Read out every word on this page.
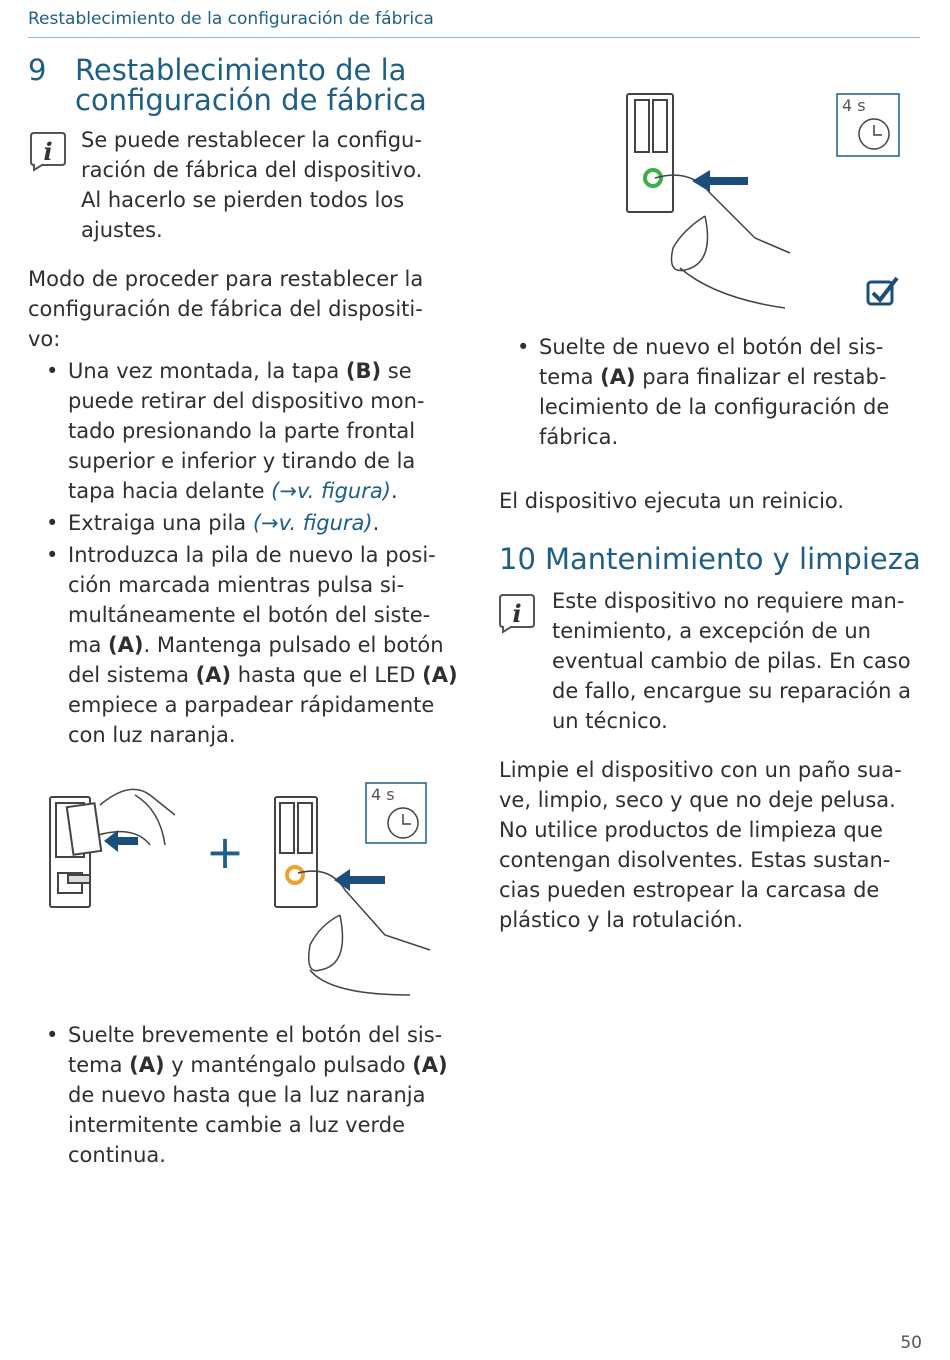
Restablecimiento de la configuración de fábrica
9 Restablecimiento de la
configuración de fábrica
i Se puede restablecer la configu-
ración de fábrica del dispositivo.
Al hacerlo se pierden todos los
ajustes.
Modo de proceder para restablecer la
configuración de fábrica del dispositi-
vo:
• Una vez montada, la tapa (B) se
puede retirar del dispositivo mon-
tado presionando la parte frontal
superior e inferior y tirando de la
tapa hacia delante (→v. figura).
• Extraiga una pila (→v. figura).
• Introduzca la pila de nuevo la posi-
ción marcada mientras pulsa si-
multáneamente el botón del siste-
ma (A). Mantenga pulsado el botón
del sistema (A) hasta que el LED (A)
empiece a parpadear rápidamente
con luz naranja.
+
4 s
• Suelte brevemente el botón del sis-
tema (A) y manténgalo pulsado (A)
de nuevo hasta que la luz naranja
intermitente cambie a luz verde
continua.
4 s
• Suelte de nuevo el botón del sis-
tema (A) para finalizar el restab-
lecimiento de la configuración de
fábrica.
El dispositivo ejecuta un reinicio.
10 Mantenimiento y limpieza
i Este dispositivo no requiere man-
tenimiento, a excepción de un
eventual cambio de pilas. En caso
de fallo, encargue su reparación a
un técnico.
Limpie el dispositivo con un paño sua-
ve, limpio, seco y que no deje pelusa.
No utilice productos de limpieza que
contengan disolventes. Estas sustan-
cias pueden estropear la carcasa de
plástico y la rotulación.
50
